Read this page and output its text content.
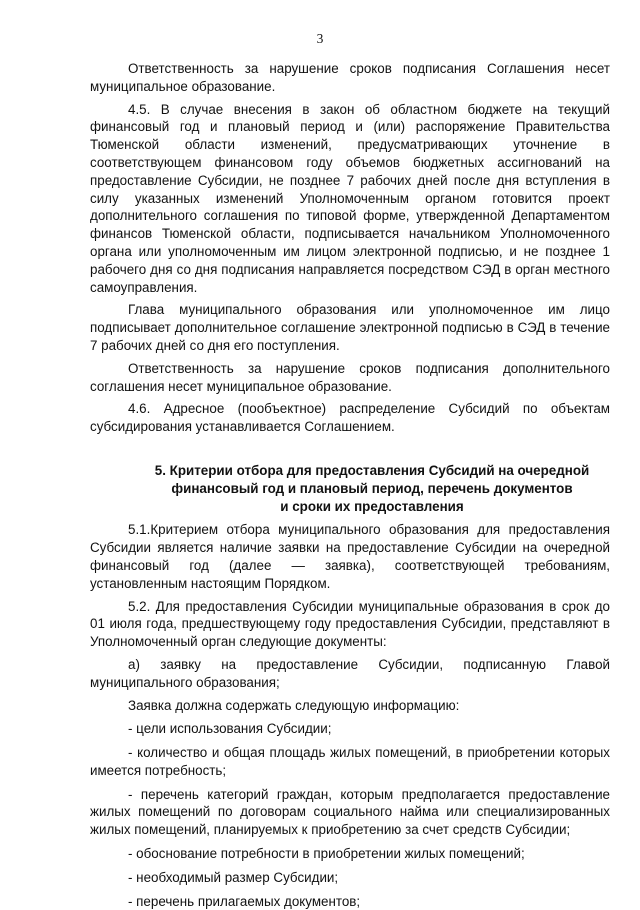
3

Ответственность за нарушение сроков подписания Соглашения несет муниципальное образование.

4.5. В случае внесения в закон об областном бюджете на текущий финансовый год и плановый период и (или) распоряжение Правительства Тюменской области изменений, предусматривающих уточнение в соответствующем финансовом году объемов бюджетных ассигнований на предоставление Субсидии, не позднее 7 рабочих дней после дня вступления в силу указанных изменений Уполномоченным органом готовится проект дополнительного соглашения по типовой форме, утвержденной Департаментом финансов Тюменской области, подписывается начальником Уполномоченного органа или уполномоченным им лицом электронной подписью, и не позднее 1 рабочего дня со дня подписания направляется посредством СЭД в орган местного самоуправления.

Глава муниципального образования или уполномоченное им лицо подписывает дополнительное соглашение электронной подписью в СЭД в течение 7 рабочих дней со дня его поступления.

Ответственность за нарушение сроков подписания дополнительного соглашения несет муниципальное образование.

4.6. Адресное (пообъектное) распределение Субсидий по объектам субсидирования устанавливается Соглашением.

5. Критерии отбора для предоставления Субсидий на очередной
финансовый год и плановый период, перечень документов
и сроки их предоставления

5.1.Критерием отбора муниципального образования для предоставления Субсидии является наличие заявки на предоставление Субсидии на очередной финансовый год (далее — заявка), соответствующей требованиям, установленным настоящим Порядком.

5.2. Для предоставления Субсидии муниципальные образования в срок до 01 июля года, предшествующему году предоставления Субсидии, представляют в Уполномоченный орган следующие документы:

а) заявку на предоставление Субсидии, подписанную Главой муниципального образования;

Заявка должна содержать следующую информацию:

- цели использования Субсидии;
- количество и общая площадь жилых помещений, в приобретении которых имеется потребность;
- перечень категорий граждан, которым предполагается предоставление жилых помещений по договорам социального найма или специализированных жилых помещений, планируемых к приобретению за счет средств Субсидии;
- обоснование потребности в приобретении жилых помещений;
- необходимый размер Субсидии;
- перечень прилагаемых документов;
